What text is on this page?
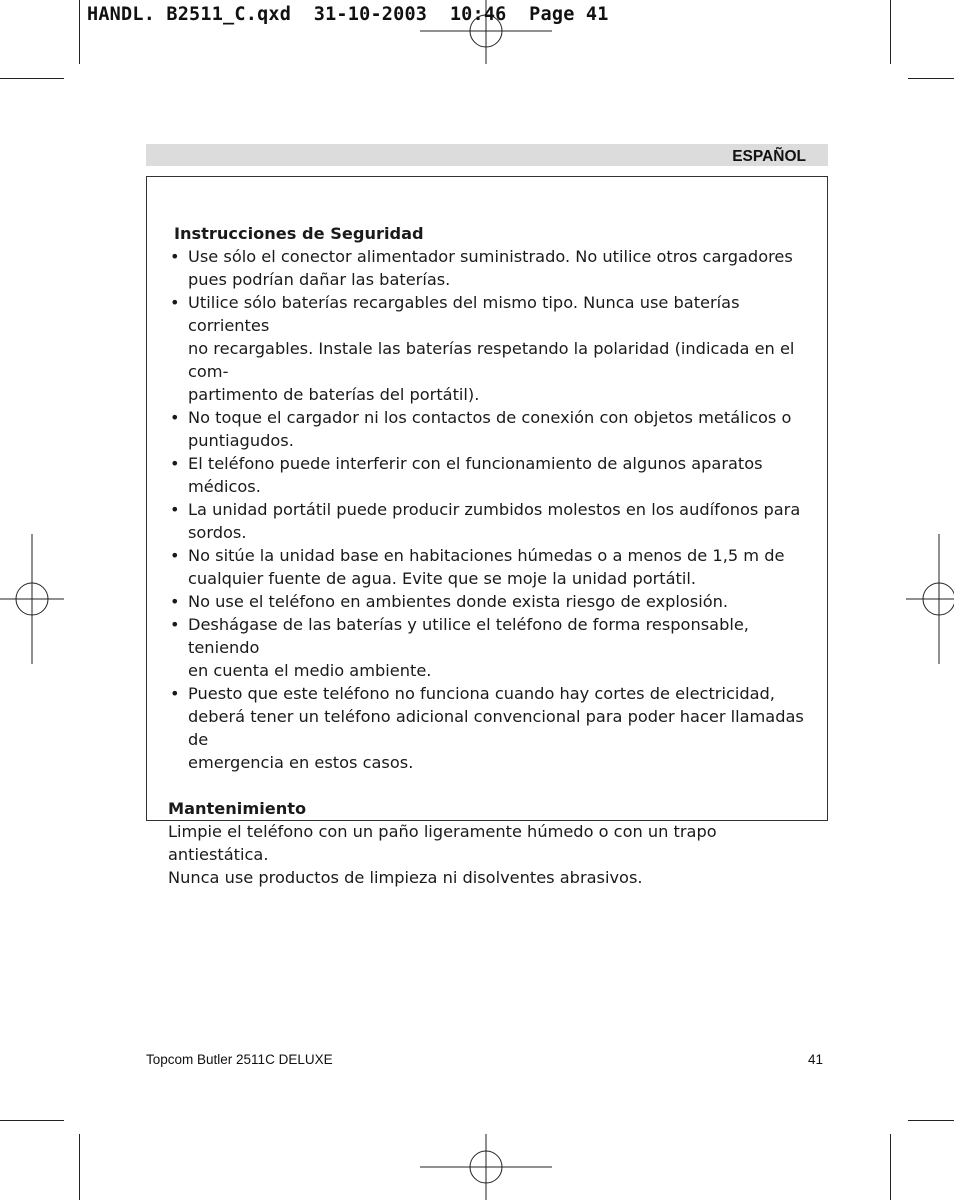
HANDL. B2511_C.qxd  31-10-2003  10:46  Page 41
ESPAÑOL
Instrucciones de Seguridad
• Use sólo el conector alimentador suministrado. No utilice otros cargadores
pues podrían dañar las baterías.
• Utilice sólo baterías recargables del mismo tipo. Nunca use baterías corrientes
no recargables. Instale las baterías respetando la polaridad (indicada en el com-
partimento de baterías del portátil).
• No toque el cargador ni los contactos de conexión con objetos metálicos o
puntiagudos.
• El teléfono puede interferir con el funcionamiento de algunos aparatos
médicos.
• La unidad portátil puede producir zumbidos molestos en los audífonos para
sordos.
• No sitúe la unidad base en habitaciones húmedas o a menos de 1,5 m de
cualquier fuente de agua. Evite que se moje la unidad portátil.
• No use el teléfono en ambientes donde exista riesgo de explosión.
• Deshágase de las baterías y utilice el teléfono de forma responsable, teniendo
en cuenta el medio ambiente.
• Puesto que este teléfono no funciona cuando hay cortes de electricidad,
deberá tener un teléfono adicional convencional para poder hacer llamadas de
emergencia en estos casos.
Mantenimiento
Limpie el teléfono con un paño ligeramente húmedo o con un trapo antiestática.
Nunca use productos de limpieza ni disolventes abrasivos.
Topcom Butler 2511C DELUXE	41
